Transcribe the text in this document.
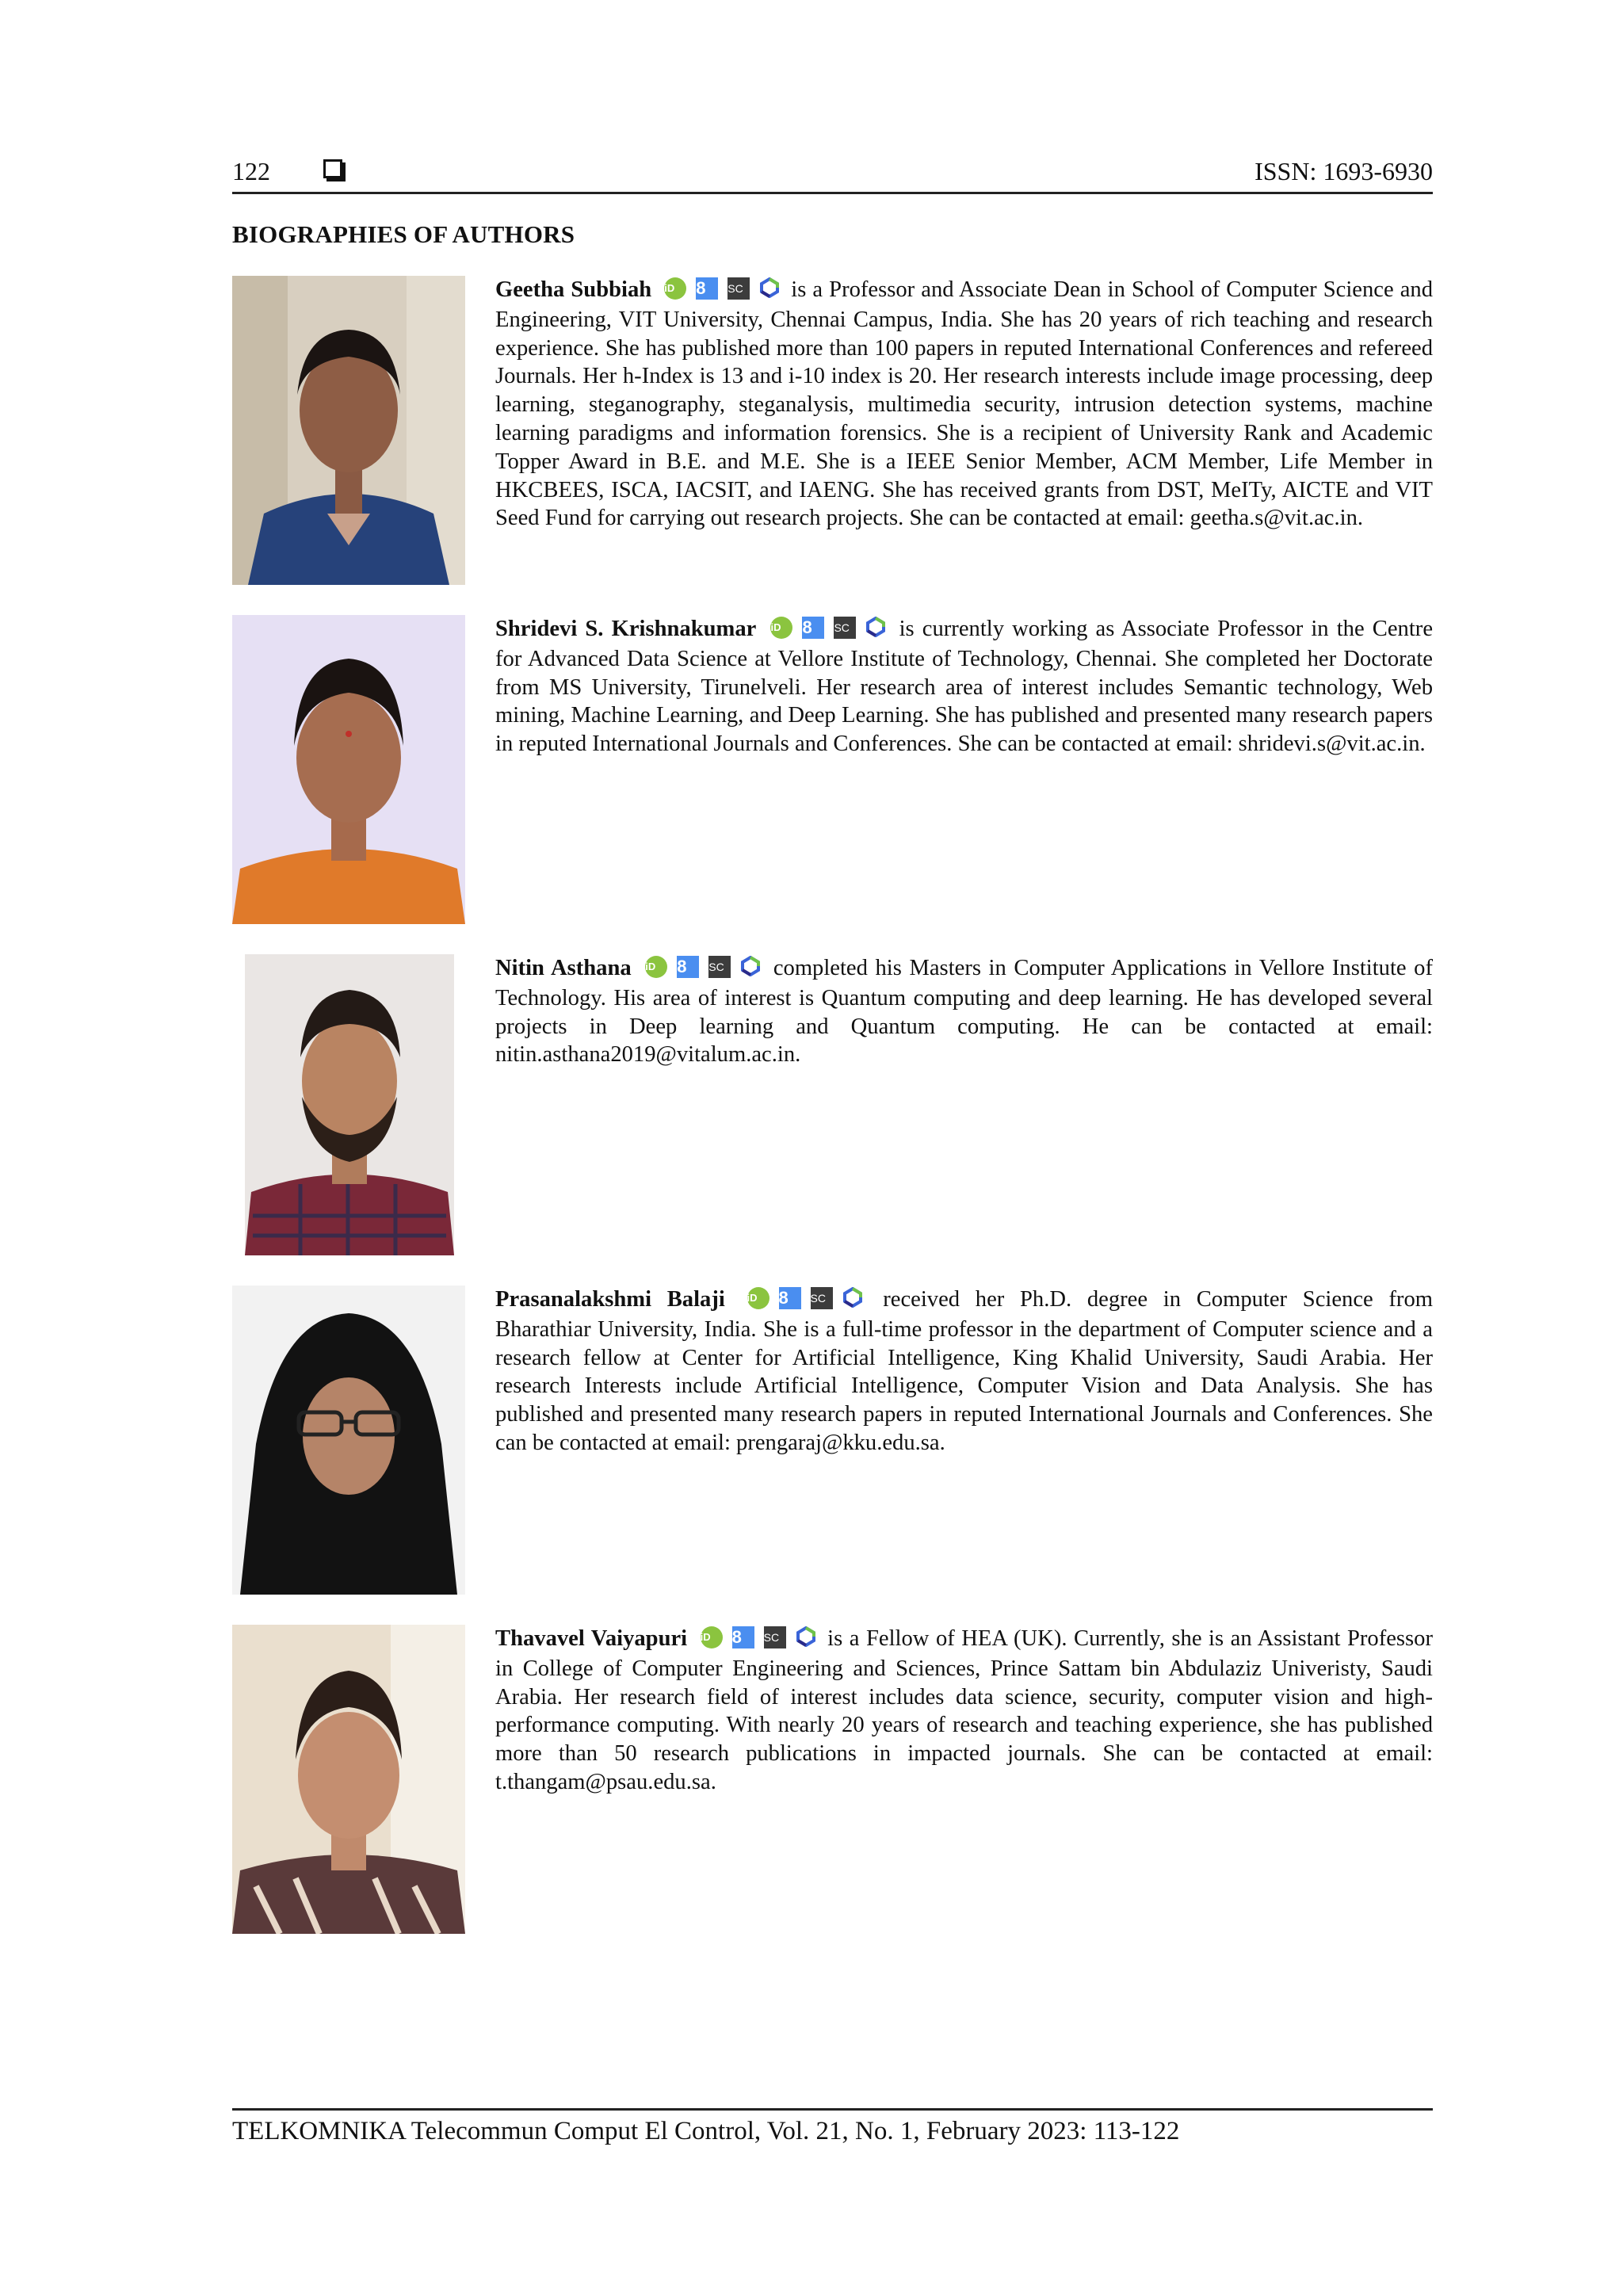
122	ISSN: 1693-6930
BIOGRAPHIES OF AUTHORS
Geetha Subbiah iD 8 SC is a Professor and Associate Dean in School of Computer Science and Engineering, VIT University, Chennai Campus, India. She has 20 years of rich teaching and research experience. She has published more than 100 papers in reputed International Conferences and refereed Journals. Her h-Index is 13 and i-10 index is 20. Her research interests include image processing, deep learning, steganography, steganalysis, multimedia security, intrusion detection systems, machine learning paradigms and information forensics. She is a recipient of University Rank and Academic Topper Award in B.E. and M.E. She is a IEEE Senior Member, ACM Member, Life Member in HKCBEES, ISCA, IACSIT, and IAENG. She has received grants from DST, MeITy, AICTE and VIT Seed Fund for carrying out research projects. She can be contacted at email: geetha.s@vit.ac.in.
Shridevi S. Krishnakumar iD 8 SC is currently working as Associate Professor in the Centre for Advanced Data Science at Vellore Institute of Technology, Chennai. She completed her Doctorate from MS University, Tirunelveli. Her research area of interest includes Semantic technology, Web mining, Machine Learning, and Deep Learning. She has published and presented many research papers in reputed International Journals and Conferences. She can be contacted at email: shridevi.s@vit.ac.in.
Nitin Asthana iD 8 SC completed his Masters in Computer Applications in Vellore Institute of Technology. His area of interest is Quantum computing and deep learning. He has developed several projects in Deep learning and Quantum computing. He can be contacted at email: nitin.asthana2019@vitalum.ac.in.
Prasanalakshmi Balaji iD 8 SC	received her Ph.D. degree in Computer Science from Bharathiar University, India. She is a full-time professor in the department of Computer science and a research fellow at Center for Artificial Intelligence, King Khalid University, Saudi Arabia. Her research Interests include Artificial Intelligence, Computer Vision and Data Analysis. She has published and presented many research papers in reputed International Journals and Conferences. She can be contacted at email: prengaraj@kku.edu.sa.
Thavavel Vaiyapuri iD 8 SC is a Fellow of HEA (UK). Currently, she is an Assistant Professor in College of Computer Engineering and Sciences, Prince Sattam bin Abdulaziz Univeristy, Saudi Arabia. Her research field of interest includes data science, security, computer vision and high-performance computing. With nearly 20 years of research and teaching experience, she has published more than 50 research publications in impacted journals. She can be contacted at email: t.thangam@psau.edu.sa.
TELKOMNIKA Telecommun Comput El Control, Vol. 21, No. 1, February 2023: 113-122
